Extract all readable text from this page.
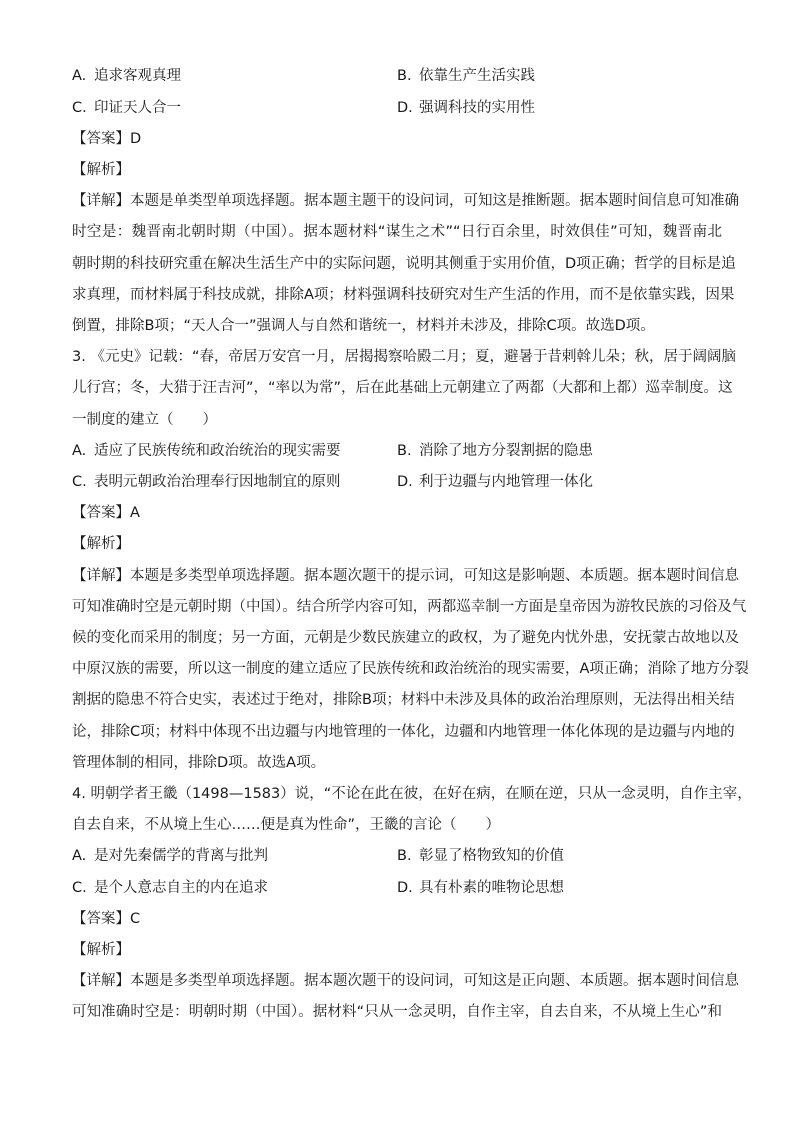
A. 追求客观真理	B. 依靠生产生活实践
C. 印证天人合一	D. 强调科技的实用性
【答案】D
【解析】
【详解】本题是单类型单项选择题。据本题主题干的设问词，可知这是推断题。据本题时间信息可知准确
时空是：魏晋南北朝时期（中国）。据本题材料“谋生之术”“日行百余里，时效俱佳”可知，魏晋南北
朝时期的科技研究重在解决生活生产中的实际问题，说明其侧重于实用价值，D项正确；哲学的目标是追
求真理，而材料属于科技成就，排除A项；材料强调科技研究对生产生活的作用，而不是依靠实践，因果
倒置，排除B项；“天人合一”强调人与自然和谐统一，材料并未涉及，排除C项。故选D项。
3. 《元史》记载：“春，帝居万安宫一月，居揭揭察哈殿二月；夏，避暑于昔剌斡儿朵；秋，居于阔阔脑
儿行宫；冬，大猎于汪吉河”，“率以为常”，后在此基础上元朝建立了两都（大都和上都）巡幸制度。这
一制度的建立（　　）
A. 适应了民族传统和政治统治的现实需要	B. 消除了地方分裂割据的隐患
C. 表明元朝政治治理奉行因地制宜的原则	D. 利于边疆与内地管理一体化
【答案】A
【解析】
【详解】本题是多类型单项选择题。据本题次题干的提示词，可知这是影响题、本质题。据本题时间信息
可知准确时空是元朝时期（中国）。结合所学内容可知，两都巡幸制一方面是皇帝因为游牧民族的习俗及气
候的变化而采用的制度；另一方面，元朝是少数民族建立的政权，为了避免内忧外患，安抚蒙古故地以及
中原汉族的需要，所以这一制度的建立适应了民族传统和政治统治的现实需要，A项正确；消除了地方分裂
割据的隐患不符合史实，表述过于绝对，排除B项；材料中未涉及具体的政治治理原则，无法得出相关结
论，排除C项；材料中体现不出边疆与内地管理的一体化，边疆和内地管理一体化体现的是边疆与内地的
管理体制的相同，排除D项。故选A项。
4. 明朝学者王畿（1498—1583）说，“不论在此在彼，在好在病，在顺在逆，只从一念灵明，自作主宰，
自去自来，不从境上生心……便是真为性命”，王畿的言论（　　）
A. 是对先秦儒学的背离与批判	B. 彰显了格物致知的价值
C. 是个人意志自主的内在追求	D. 具有朴素的唯物论思想
【答案】C
【解析】
【详解】本题是多类型单项选择题。据本题次题干的设问词，可知这是正向题、本质题。据本题时间信息
可知准确时空是：明朝时期（中国）。据材料“只从一念灵明，自作主宰，自去自来，不从境上生心”和
